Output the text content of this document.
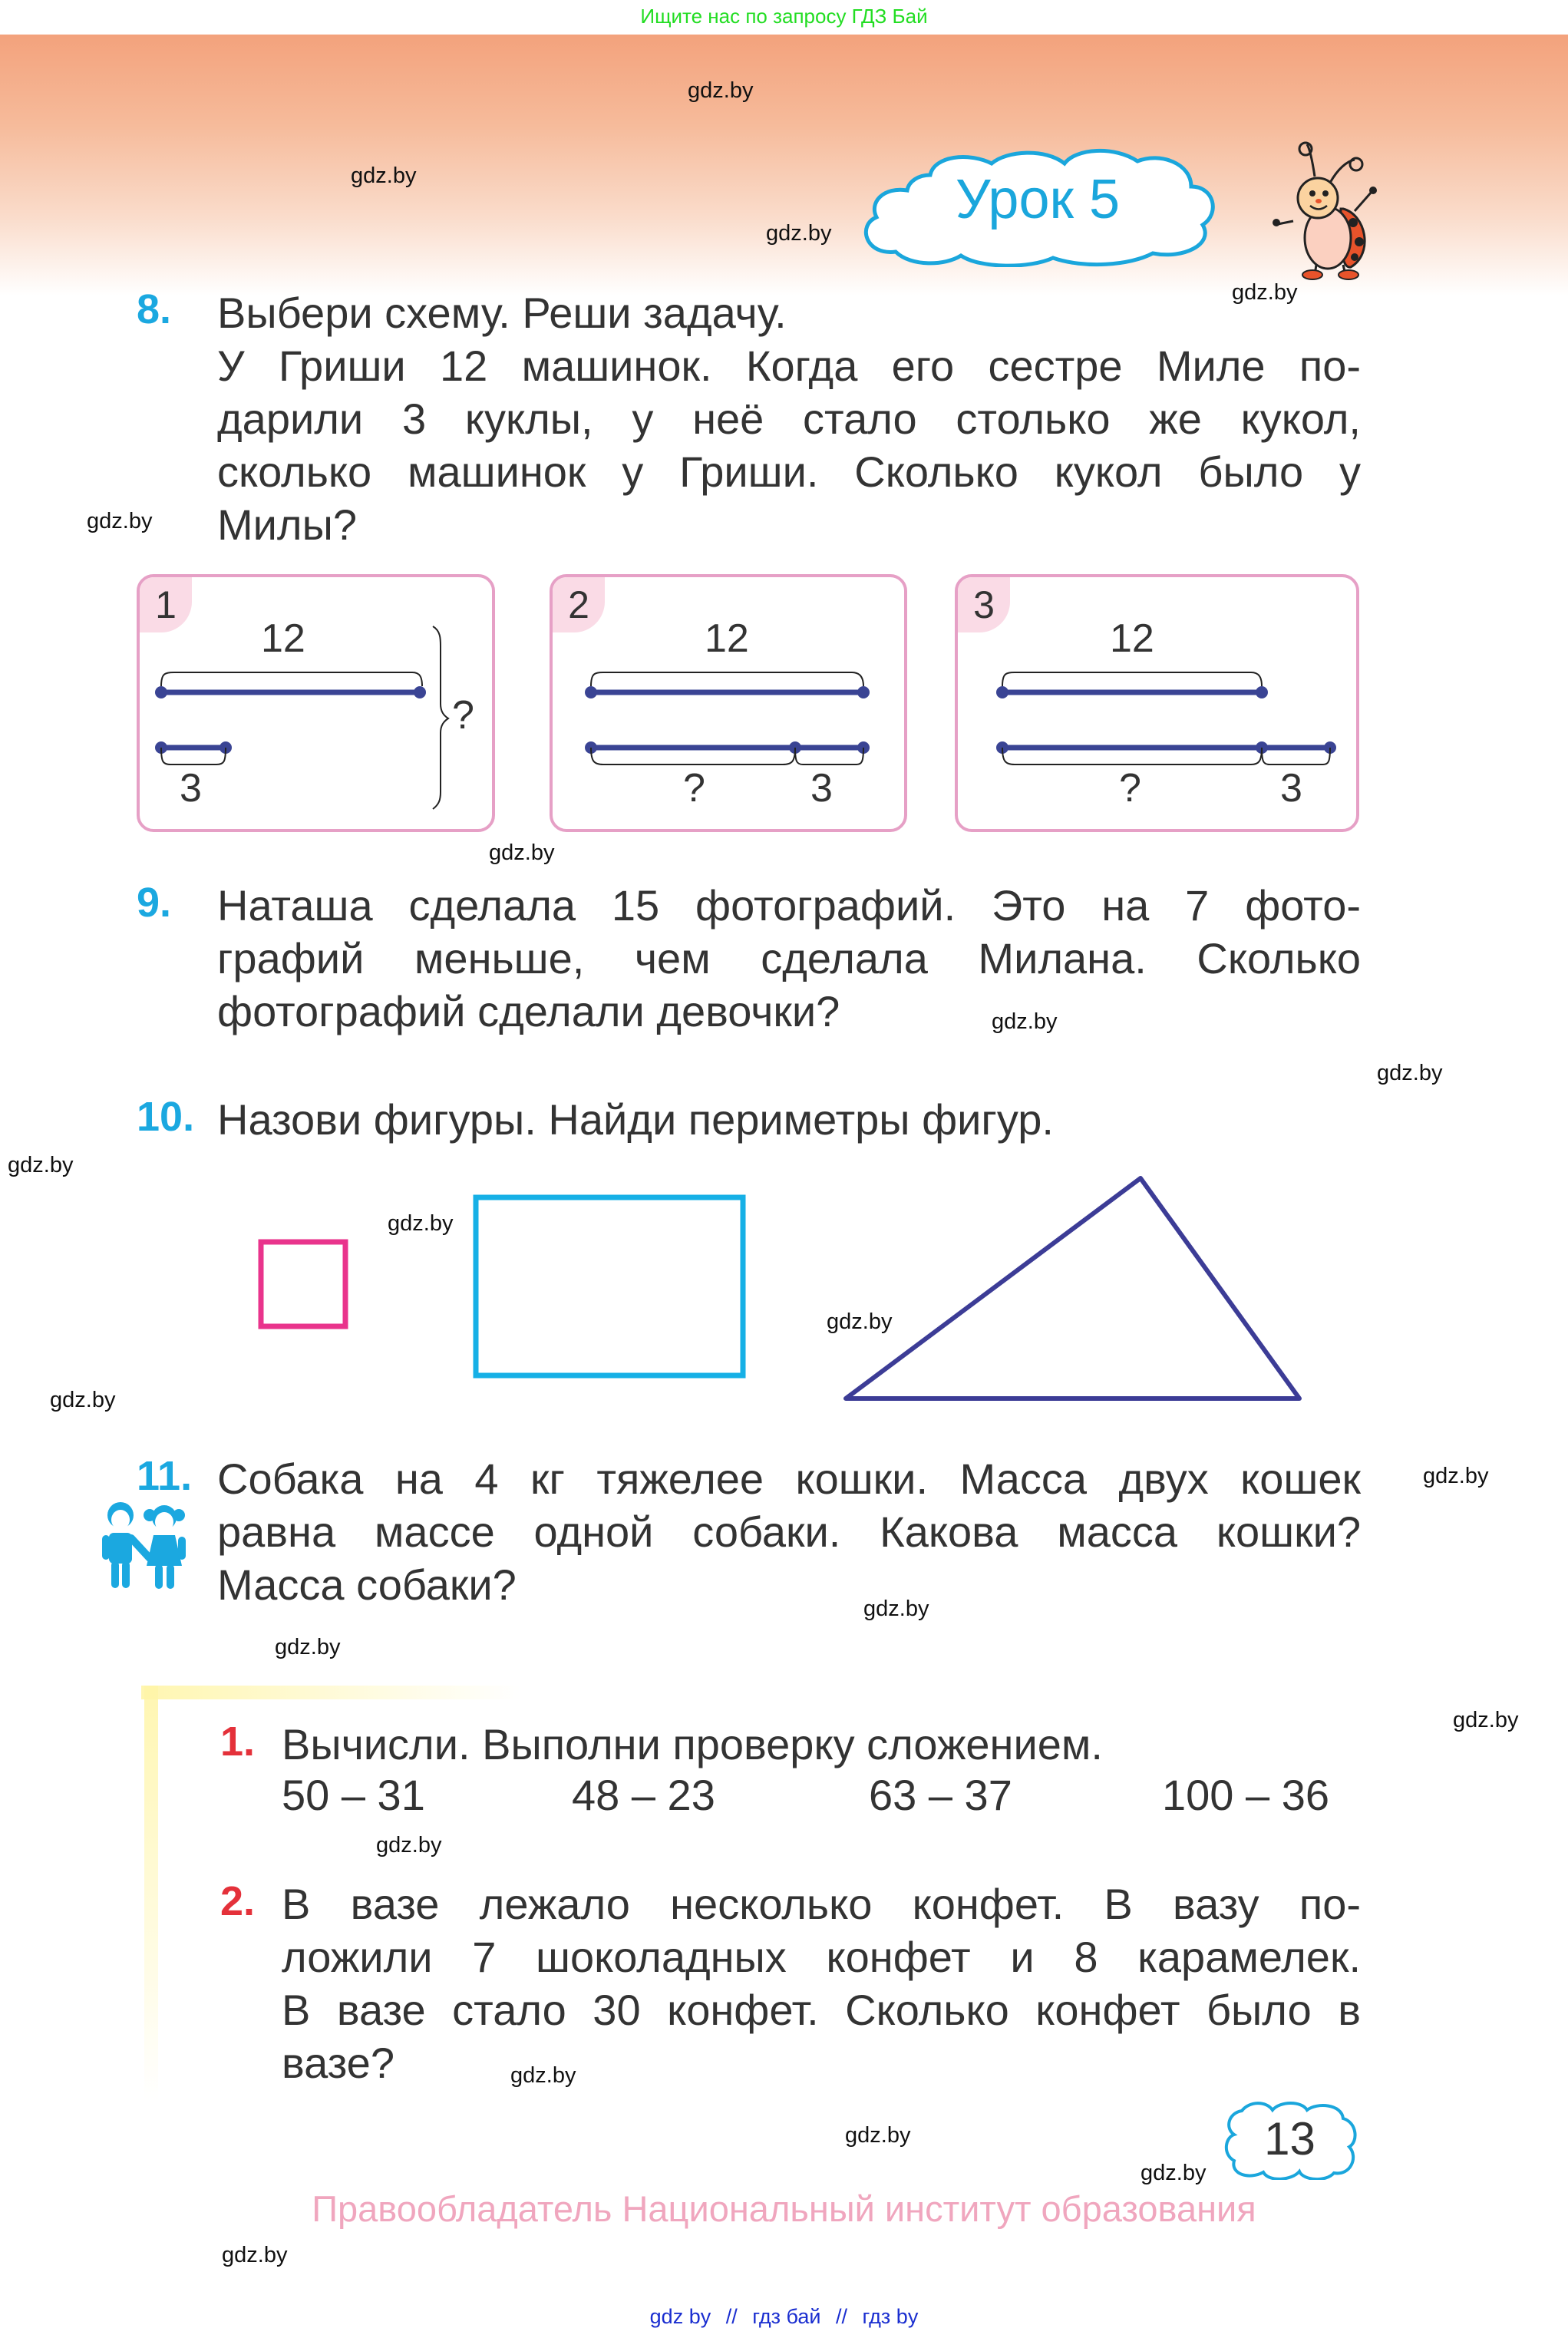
Ищите нас по запросу ГДЗ Бай
gdz.by
gdz.by
gdz.by
gdz.by
gdz.by
gdz.by
gdz.by
gdz.by
gdz.by
gdz.by
gdz.by
gdz.by
gdz.by
gdz.by
gdz.by
gdz.by
gdz.by
gdz.by
gdz.by
gdz.by
gdz.by
Урок 5
8. Выбери схему. Реши задачу.
У Гриши 12 машинок. Когда его сестре Миле по-
дарили 3 куклы, у неё стало столько же кукол,
сколько машинок у Гриши. Сколько кукол было у
Милы?
1
12
3
?
2
12
?	3
3
12
?	3
9. Наташа сделала 15 фотографий. Это на 7 фото-
графий меньше, чем сделала Милана. Сколько
фотографий сделали девочки?
10. Назови фигуры. Найди периметры фигур.
11. Собака на 4 кг тяжелее кошки. Масса двух кошек
равна массе одной собаки. Какова масса кошки?
Масса собаки?
1. Вычисли. Выполни проверку сложением.
50 – 31	48 – 23	63 – 37	100 – 36
2. В вазе лежало несколько конфет. В вазу по-
ложили 7 шоколадных конфет и 8 карамелек.
В вазе стало 30 конфет. Сколько конфет было в
вазе?
13
Правообладатель Национальный институт образования
gdz by // гдз бай // гдз by
